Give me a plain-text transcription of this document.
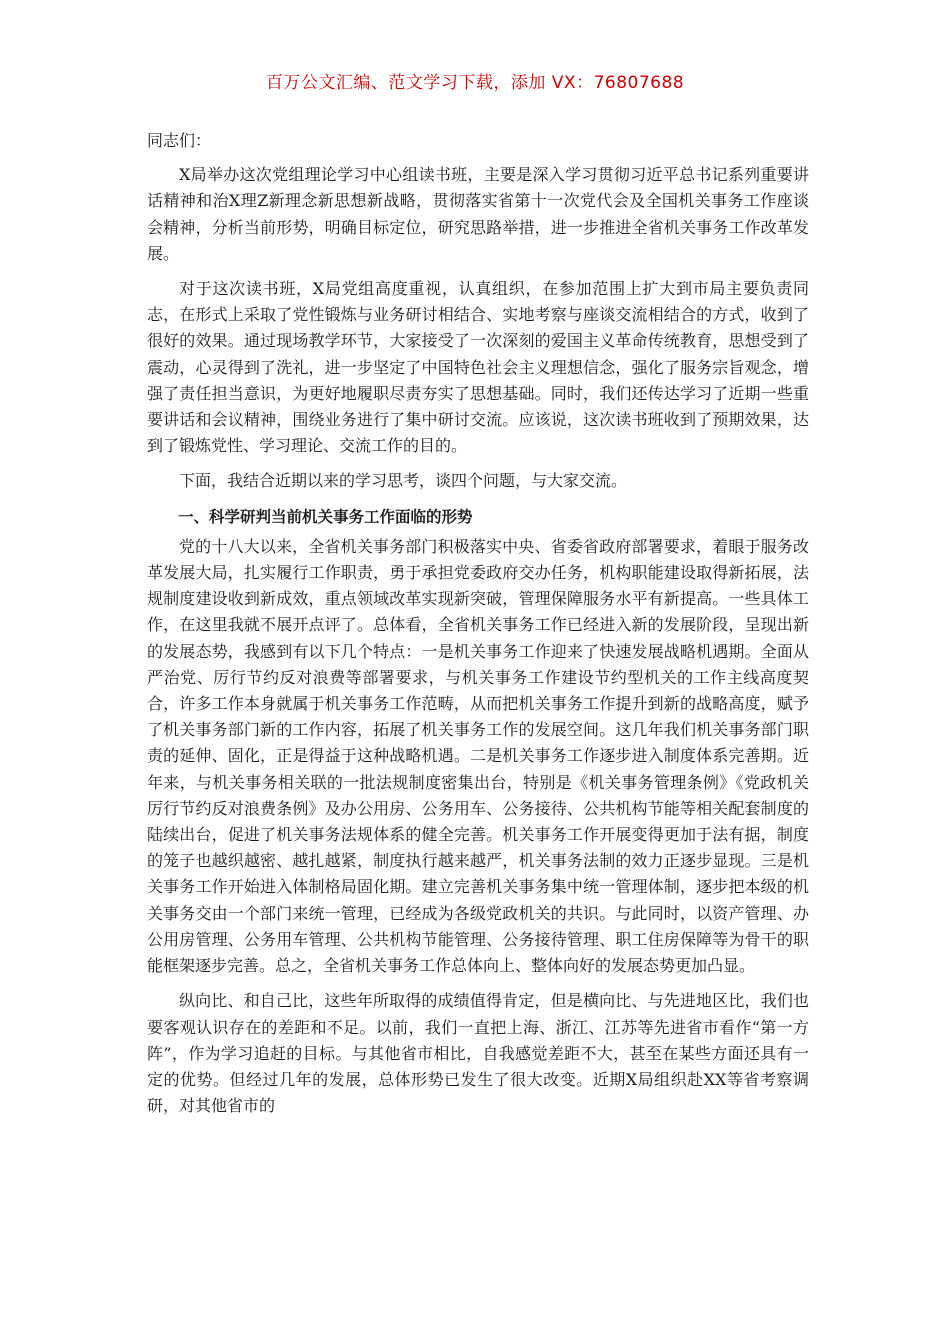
百万公文汇编、范文学习下载，添加 VX：76807688

同志们：

X局举办这次党组理论学习中心组读书班，主要是深入学习贯彻习近平总书记系列重要讲话精神和治X理Z新理念新思想新战略，贯彻落实省第十一次党代会及全国机关事务工作座谈会精神，分析当前形势，明确目标定位，研究思路举措，进一步推进全省机关事务工作改革发展。

对于这次读书班，X局党组高度重视，认真组织，在参加范围上扩大到市局主要负责同志，在形式上采取了党性锻炼与业务研讨相结合、实地考察与座谈交流相结合的方式，收到了很好的效果。通过现场教学环节，大家接受了一次深刻的爱国主义革命传统教育，思想受到了震动，心灵得到了洗礼，进一步坚定了中国特色社会主义理想信念，强化了服务宗旨观念，增强了责任担当意识，为更好地履职尽责夯实了思想基础。同时，我们还传达学习了近期一些重要讲话和会议精神，围绕业务进行了集中研讨交流。应该说，这次读书班收到了预期效果，达到了锻炼党性、学习理论、交流工作的目的。

下面，我结合近期以来的学习思考，谈四个问题，与大家交流。

一、科学研判当前机关事务工作面临的形势

党的十八大以来，全省机关事务部门积极落实中央、省委省政府部署要求，着眼于服务改革发展大局，扎实履行工作职责，勇于承担党委政府交办任务，机构职能建设取得新拓展，法规制度建设收到新成效，重点领域改革实现新突破，管理保障服务水平有新提高。一些具体工作，在这里我就不展开点评了。总体看，全省机关事务工作已经进入新的发展阶段，呈现出新的发展态势，我感到有以下几个特点：一是机关事务工作迎来了快速发展战略机遇期。全面从严治党、厉行节约反对浪费等部署要求，与机关事务工作建设节约型机关的工作主线高度契合，许多工作本身就属于机关事务工作范畴，从而把机关事务工作提升到新的战略高度，赋予了机关事务部门新的工作内容，拓展了机关事务工作的发展空间。这几年我们机关事务部门职责的延伸、固化，正是得益于这种战略机遇。二是机关事务工作逐步进入制度体系完善期。近年来，与机关事务相关联的一批法规制度密集出台，特别是《机关事务管理条例》《党政机关厉行节约反对浪费条例》及办公用房、公务用车、公务接待、公共机构节能等相关配套制度的陆续出台，促进了机关事务法规体系的健全完善。机关事务工作开展变得更加于法有据，制度的笼子也越织越密、越扎越紧，制度执行越来越严，机关事务法制的效力正逐步显现。三是机关事务工作开始进入体制格局固化期。建立完善机关事务集中统一管理体制，逐步把本级的机关事务交由一个部门来统一管理，已经成为各级党政机关的共识。与此同时，以资产管理、办公用房管理、公务用车管理、公共机构节能管理、公务接待管理、职工住房保障等为骨干的职能框架逐步完善。总之，全省机关事务工作总体向上、整体向好的发展态势更加凸显。

纵向比、和自己比，这些年所取得的成绩值得肯定，但是横向比、与先进地区比，我们也要客观认识存在的差距和不足。以前，我们一直把上海、浙江、江苏等先进省市看作“第一方阵”，作为学习追赶的目标。与其他省市相比，自我感觉差距不大，甚至在某些方面还具有一定的优势。但经过几年的发展，总体形势已发生了很大改变。近期X局组织赴XX等省考察调研，对其他省市的
